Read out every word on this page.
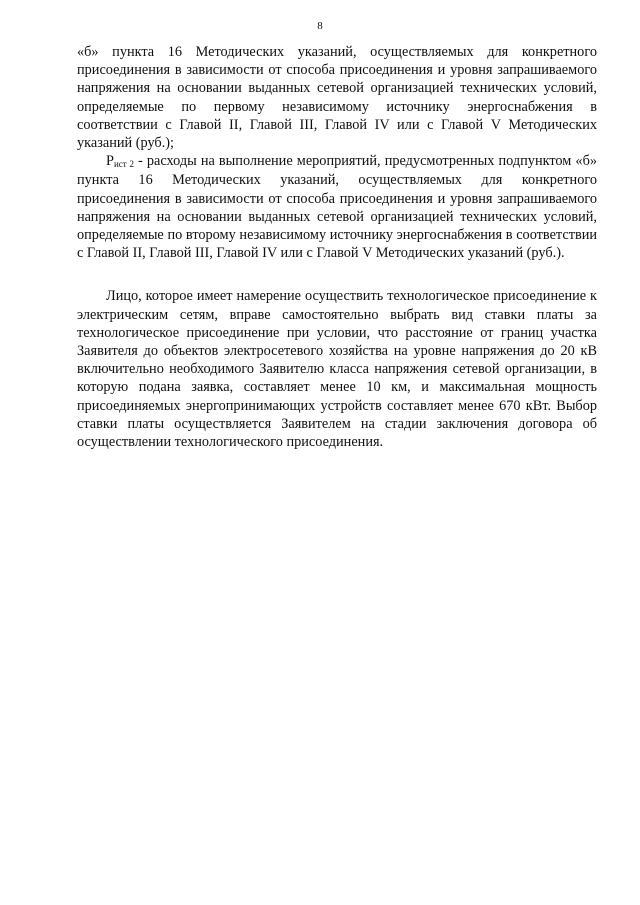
8

«б» пункта 16 Методических указаний, осуществляемых для конкретного присоединения в зависимости от способа присоединения и уровня запрашиваемого напряжения на основании выданных сетевой организацией технических условий, определяемые по первому независимому источнику энергоснабжения в соответствии с Главой II, Главой III, Главой IV или с Главой V Методических указаний (руб.);

Pист 2 - расходы на выполнение мероприятий, предусмотренных подпунктом «б» пункта 16 Методических указаний, осуществляемых для конкретного присоединения в зависимости от способа присоединения и уровня запрашиваемого напряжения на основании выданных сетевой организацией технических условий, определяемые по второму независимому источнику энергоснабжения в соответствии с Главой II, Главой III, Главой IV или с Главой V Методических указаний (руб.).

Лицо, которое имеет намерение осуществить технологическое присоединение к электрическим сетям, вправе самостоятельно выбрать вид ставки платы за технологическое присоединение при условии, что расстояние от границ участка Заявителя до объектов электросетевого хозяйства на уровне напряжения до 20 кВ включительно необходимого Заявителю класса напряжения сетевой организации, в которую подана заявка, составляет менее 10 км, и максимальная мощность присоединяемых энергопринимающих устройств составляет менее 670 кВт. Выбор ставки платы осуществляется Заявителем на стадии заключения договора об осуществлении технологического присоединения.
